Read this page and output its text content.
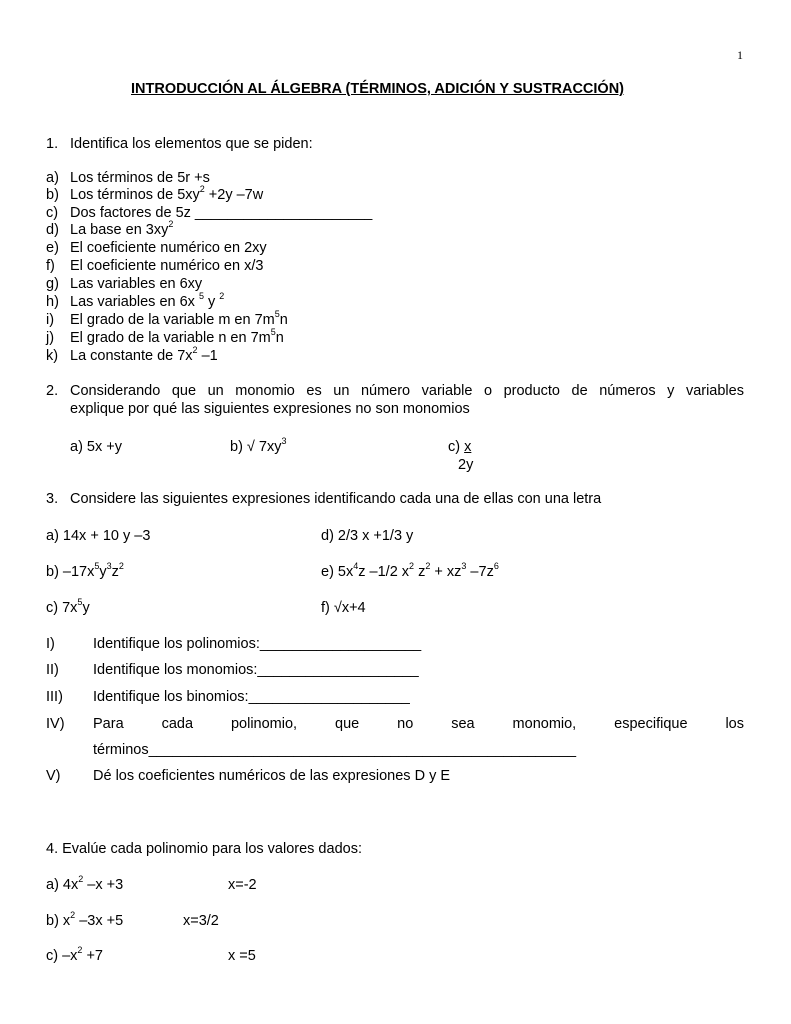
1
INTRODUCCIÓN AL ÁLGEBRA (TÉRMINOS, ADICIÓN Y SUSTRACCIÓN)
1. Identifica los elementos que se piden:
a) Los términos de 5r +s
b) Los términos de $5xy^2 +2y$ –7w
c) Dos factores de 5z ______________________
d) La base en $3xy^2$
e) El coeficiente numérico en 2xy
f) El coeficiente numérico en x/3
g) Las variables en 6xy
h) Las variables en 6x $^5$ y $^2$
i) El grado de la variable m en $7m^5n$
j) El grado de la variable n en $7m^5n$
k) La constante de $7x^2$ –1
2. Considerando que un monomio es un número variable o producto de números y variables
explique por qué las siguientes expresiones no son monomios
a) 5x +y	b) √ $7xy^3$	c) x
2y
3. Considere las siguientes expresiones identificando cada una de ellas con una letra
a) 14x + 10 y –3	d) 2/3 x +1/3 y
b) $-17x^5y^3z^2$	e) $5x^4z$ –1/2 $x^2$ $z^2 + xz^3$ $-7z^6$
c) $7x^5y$	f) √x+4
I)	Identifique los polinomios:____________________
II) Identifique los monomios:____________________
III) Identifique los binomios:____________________
IV) Para	cada	polinomio,	que	no	sea	monomio,	especifique	los
términos_____________________________________________________
V) Dé los coeficientes numéricos de las expresiones D y E
4. Evalúe cada polinomio para los valores dados:
a) $4x^2$ –x +3	x=-2
b) $x^2$ –3x +5	x=3/2
c) $-x^2 +7$	x =5
